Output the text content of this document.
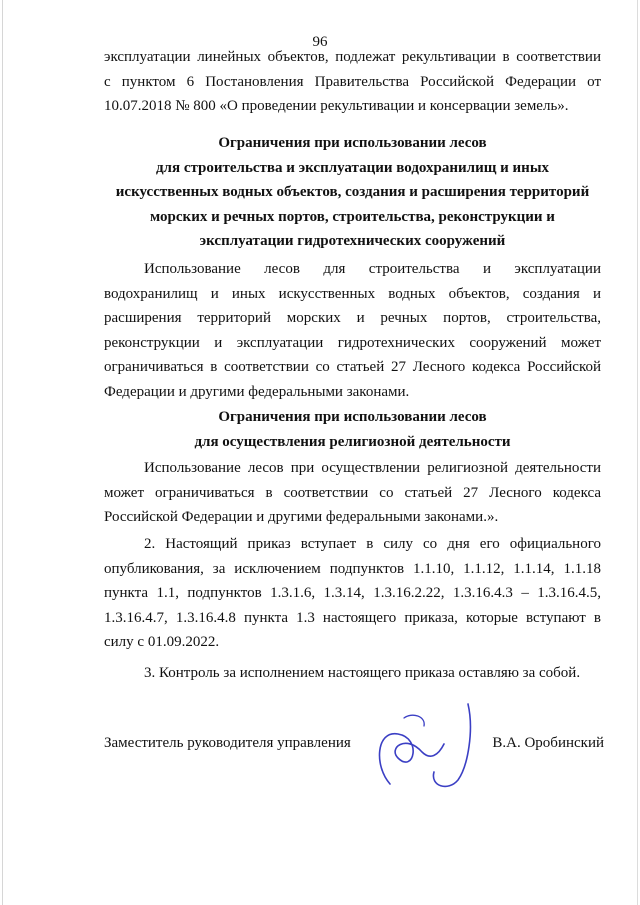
96
эксплуатации линейных объектов, подлежат рекультивации в соответствии
с пунктом 6 Постановления Правительства Российской Федерации от
10.07.2018 № 800 «О проведении рекультивации и консервации земель».
Ограничения при использовании лесов
для строительства и эксплуатации водохранилищ и иных
искусственных водных объектов, создания и расширения территорий
морских и речных портов, строительства, реконструкции и
эксплуатации гидротехнических сооружений
Использование лесов для строительства и эксплуатации
водохранилищ и иных искусственных водных объектов, создания и
расширения территорий морских и речных портов, строительства,
реконструкции и эксплуатации гидротехнических сооружений может
ограничиваться в соответствии со статьей 27 Лесного кодекса Российской
Федерации и другими федеральными законами.
Ограничения при использовании лесов
для осуществления религиозной деятельности
Использование лесов при осуществлении религиозной деятельности
может ограничиваться в соответствии со статьей 27 Лесного кодекса
Российской Федерации и другими федеральными законами.».
2. Настоящий приказ вступает в силу со дня его официального
опубликования, за исключением подпунктов 1.1.10, 1.1.12, 1.1.14, 1.1.18
пункта 1.1, подпунктов 1.3.1.6, 1.3.14, 1.3.16.2.22, 1.3.16.4.3 – 1.3.16.4.5,
1.3.16.4.7, 1.3.16.4.8 пункта 1.3 настоящего приказа, которые вступают в
силу с 01.09.2022.
3. Контроль за исполнением настоящего приказа оставляю за собой.
Заместитель руководителя управления	В.А. Оробинский
